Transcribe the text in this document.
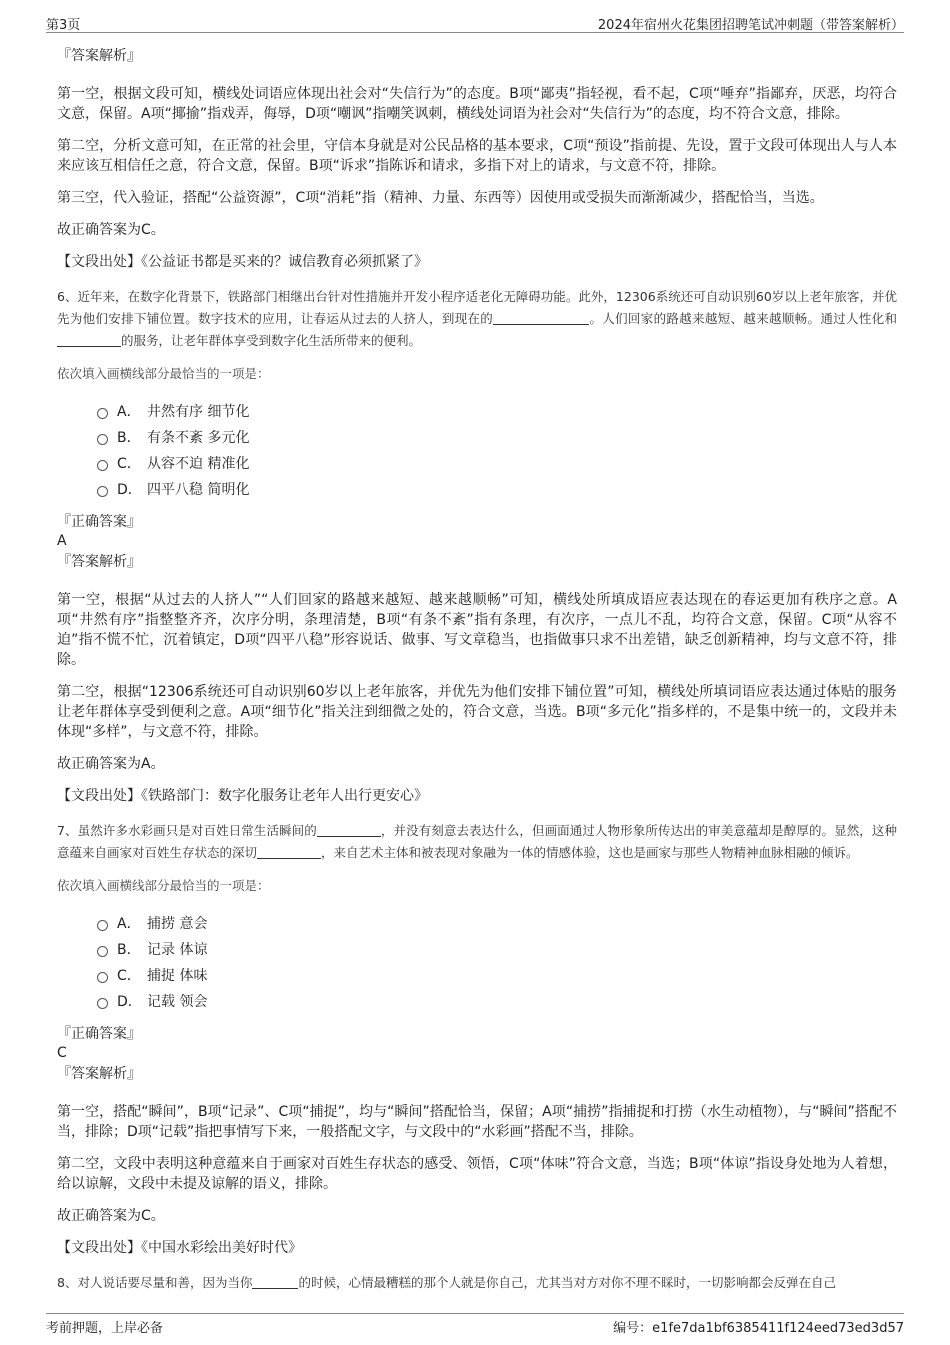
第3页	2024年宿州火花集团招聘笔试冲刺题（带答案解析）
『答案解析』
第一空，根据文段可知，横线处词语应体现出社会对“失信行为”的态度。B项“鄙夷”指轻视，看不起，C项“唾弃”指鄙弃，厌恶，均符合文意，保留。A项“揶揄”指戏弄，侮辱，D项“嘲讽”指嘲笑讽刺，横线处词语为社会对“失信行为”的态度，均不符合文意，排除。
第二空，分析文意可知，在正常的社会里，守信本身就是对公民品格的基本要求，C项“预设”指前提、先设，置于文段可体现出人与人本来应该互相信任之意，符合文意，保留。B项“诉求”指陈诉和请求，多指下对上的请求，与文意不符，排除。
第三空，代入验证，搭配“公益资源”，C项“消耗”指（精神、力量、东西等）因使用或受损失而渐渐减少，搭配恰当，当选。
故正确答案为C。
【文段出处】《公益证书都是买来的？诚信教育必须抓紧了》
6、近年来，在数字化背景下，铁路部门相继出台针对性措施并开发小程序适老化无障碍功能。此外，12306系统还可自动识别60岁以上老年旅客，并优先为他们安排下铺位置。数字技术的应用，让春运从过去的人挤人，到现在的	。人们回家的路越来越短、越来越顺畅。通过人性化和的服务，让老年群体享受到数字化生活所带来的便利。
依次填入画横线部分最恰当的一项是：
A． 井然有序 细节化
B． 有条不紊 多元化
C． 从容不迫 精准化
D． 四平八稳 简明化
『正确答案』
A
『答案解析』
第一空，根据“从过去的人挤人”“人们回家的路越来越短、越来越顺畅”可知，横线处所填成语应表达现在的春运更加有秩序之意。A项“井然有序”指整整齐齐，次序分明，条理清楚，B项“有条不紊”指有条理，有次序，一点儿不乱，均符合文意，保留。C项“从容不迫”指不慌不忙，沉着镇定，D项“四平八稳”形容说话、做事、写文章稳当，也指做事只求不出差错，缺乏创新精神，均与文意不符，排除。
第二空，根据“12306系统还可自动识别60岁以上老年旅客，并优先为他们安排下铺位置”可知，横线处所填词语应表达通过体贴的服务让老年群体享受到便利之意。A项“细节化”指关注到细微之处的，符合文意，当选。B项“多元化”指多样的，不是集中统一的，文段并未体现“多样”，与文意不符，排除。
故正确答案为A。
【文段出处】《铁路部门：数字化服务让老年人出行更安心》
7、虽然许多水彩画只是对百姓日常生活瞬间的	，并没有刻意去表达什么，但画面通过人物形象所传达出的审美意蕴却是醇厚的。显然，这种意蕴来自画家对百姓生存状态的深切	，来自艺术主体和被表现对象融为一体的情感体验，这也是画家与那些人物精神血脉相融的倾诉。
依次填入画横线部分最恰当的一项是：
A． 捕捞 意会
B． 记录 体谅
C． 捕捉 体味
D． 记载 领会
『正确答案』
C
『答案解析』
第一空，搭配“瞬间”，B项“记录”、C项“捕捉”，均与“瞬间”搭配恰当，保留；A项“捕捞”指捕捉和打捞（水生动植物），与“瞬间”搭配不当，排除；D项“记载”指把事情写下来，一般搭配文字，与文段中的“水彩画”搭配不当，排除。
第二空，文段中表明这种意蕴来自于画家对百姓生存状态的感受、领悟，C项“体味”符合文意，当选；B项“体谅”指设身处地为人着想，给以谅解，文段中未提及谅解的语义，排除。
故正确答案为C。
【文段出处】《中国水彩绘出美好时代》
8、对人说话要尽量和善，因为当你	的时候，心情最糟糕的那个人就是你自己，尤其当对方对你不理不睬时，一切影响都会反弹在自己
考前押题，上岸必备	编号：e1fe7da1bf6385411f124eed73ed3d57
